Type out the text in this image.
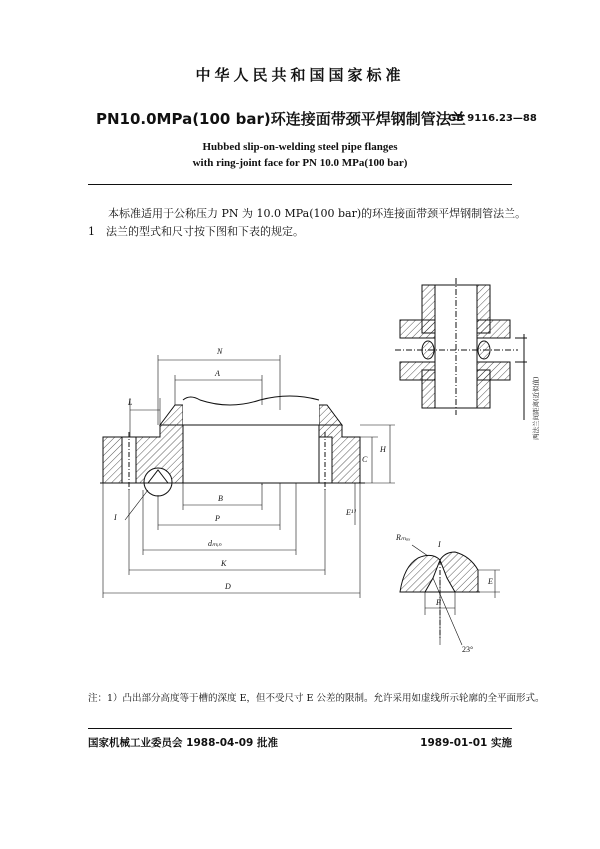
中华人民共和国国家标准
PN10.0MPa(100 bar)环连接面带颈平焊钢制管法兰
GB 9116.23—88
Hubbed slip-on-welding steel pipe flanges
with ring-joint face for PN 10.0 MPa(100 bar)
本标准适用于公称压力 PN 为 10.0 MPa(100 bar)的环连接面带颈平焊钢制管法兰。
1　法兰的型式和尺寸按下图和下表的规定。
两法兰间距离(近似值)
N
A
L
C
H
E¹⁾
I
B
P
dₘᵢₙ
K
D
I
Rₘₐₓ
E
F
23°
注：1）凸出部分高度等于槽的深度 E，但不受尺寸 E 公差的限制。允许采用如虚线所示轮廓的全平面形式。
国家机械工业委员会 1988-04-09 批准	1989-01-01 实施
